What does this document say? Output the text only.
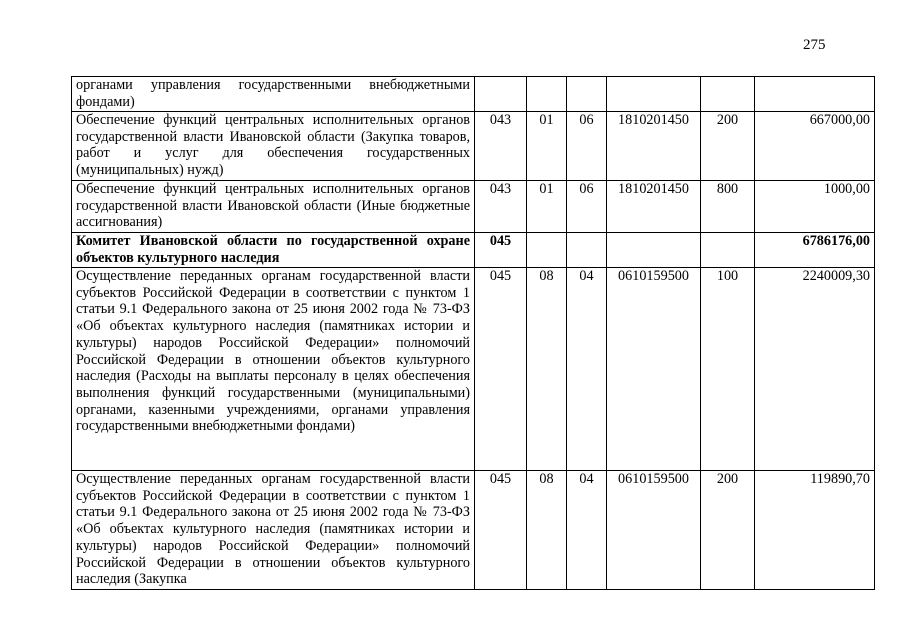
275
органами управления государственными внебюджетными фондами)						
Обеспечение функций центральных исполнительных органов государственной власти Ивановской области (Закупка товаров, работ и услуг для обеспечения государственных (муниципальных) нужд)	043	01	06	1810201450	200	667000,00
Обеспечение функций центральных исполнительных органов государственной власти Ивановской области (Иные бюджетные ассигнования)	043	01	06	1810201450	800	1000,00
Комитет Ивановской области по государственной охране объектов культурного наследия	045					6786176,00
Осуществление переданных органам государственной власти субъектов Российской Федерации в соответствии с пунктом 1 статьи 9.1 Федерального закона от 25 июня 2002 года № 73-ФЗ «Об объектах культурного наследия (памятниках истории и культуры) народов Российской Федерации» полномочий Российской Федерации в отношении объектов культурного наследия (Расходы на выплаты персоналу в целях обеспечения выполнения функций государственными (муниципальными) органами, казенными учреждениями, органами управления государственными внебюджетными фондами)	045	08	04	0610159500	100	2240009,30
Осуществление переданных органам государственной власти субъектов Российской Федерации в соответствии с пунктом 1 статьи 9.1 Федерального закона от 25 июня 2002 года № 73-ФЗ «Об объектах культурного наследия (памятниках истории и культуры) народов Российской Федерации» полномочий Российской Федерации в отношении объектов культурного наследия (Закупка	045	08	04	0610159500	200	119890,70
